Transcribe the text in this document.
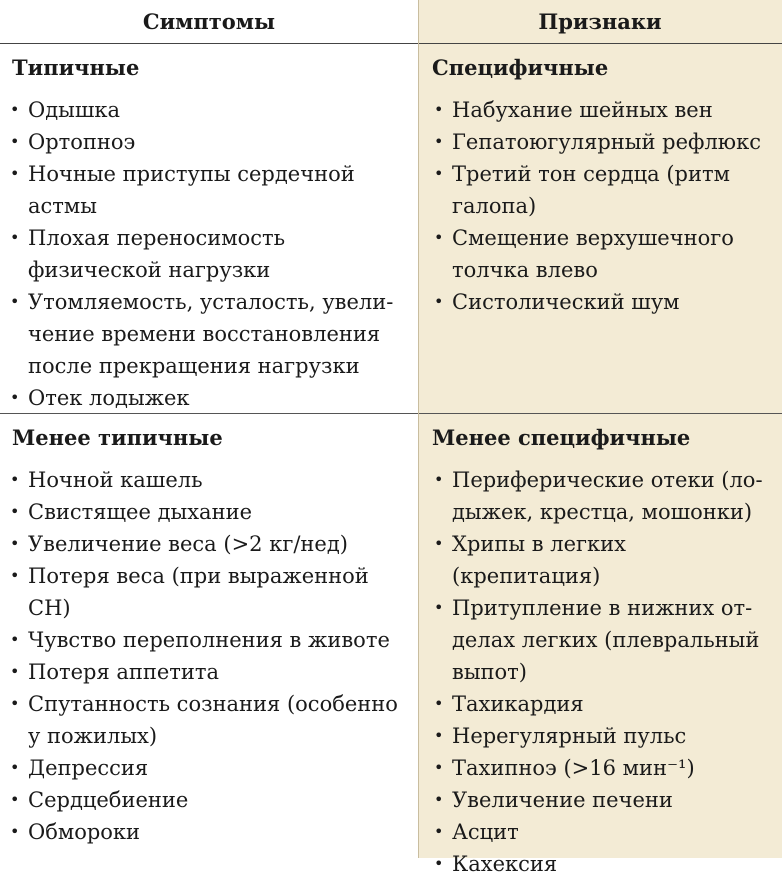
Симптомы	Признаки
Типичные
• Одышка
• Ортопноэ
• Ночные приступы сердечной астмы
• Плохая переносимость физической нагрузки
• Утомляемость, усталость, увели- чение времени восстановления после прекращения нагрузки
• Отек лодыжек
Специфичные
• Набухание шейных вен
• Гепатоюгулярный рефлюкс
• Третий тон сердца (ритм галопа)
• Смещение верхушечного толчка влево
• Систолический шум
Менее типичные
• Ночной кашель
• Свистящее дыхание
• Увеличение веса (>2 кг/нед)
• Потеря веса (при выраженной СН)
• Чувство переполнения в животе
• Потеря аппетита
• Спутанность сознания (особенно у пожилых)
• Депрессия
• Сердцебиение
• Обмороки
Менее специфичные
• Периферические отеки (ло- дыжек, крестца, мошонки)
• Хрипы в легких (крепитация)
• Притупление в нижних от- делах легких (плевральный выпот)
• Тахикардия
• Нерегулярный пульс
• Тахипноэ (>16 мин⁻¹)
• Увеличение печени
• Асцит
• Кахексия
